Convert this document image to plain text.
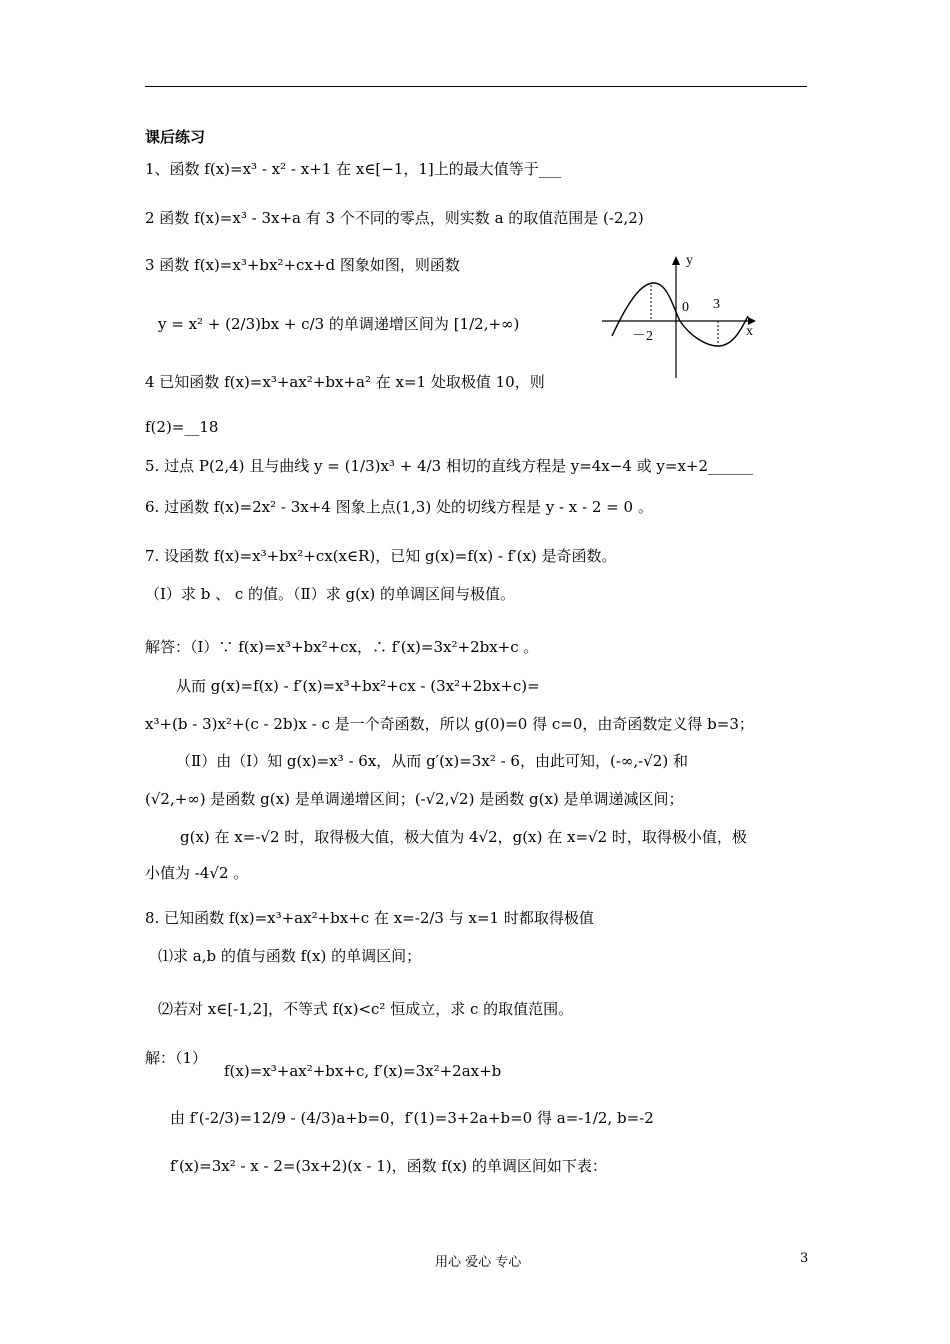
课后练习
1、函数 f(x)=x³ - x² - x+1 在 x∈[−1，1]上的最大值等于___
2 函数 f(x)=x³ - 3x+a 有 3 个不同的零点，则实数 a 的取值范围是 (-2,2)
3 函数 f(x)=x³+bx²+cx+d 图象如图，则函数
y = x² + (2/3)bx + c/3 的单调递增区间为 [1/2,+∞)
4 已知函数 f(x)=x³+ax²+bx+a² 在 x=1 处取极值 10，则
f(2)=__18
5. 过点 P(2,4) 且与曲线 y = (1/3)x³ + 4/3 相切的直线方程是 y=4x−4 或 y=x+2______
6. 过函数 f(x)=2x² - 3x+4 图象上点(1,3) 处的切线方程是 y - x - 2 = 0 。
7. 设函数 f(x)=x³+bx²+cx(x∈R)，已知 g(x)=f(x) - f′(x) 是奇函数。
（Ⅰ）求 b 、 c 的值。（Ⅱ）求 g(x) 的单调区间与极值。
解答：（Ⅰ）∵ f(x)=x³+bx²+cx，∴ f′(x)=3x²+2bx+c 。
从而 g(x)=f(x) - f′(x)=x³+bx²+cx - (3x²+2bx+c)=
x³+(b - 3)x²+(c - 2b)x - c 是一个奇函数，所以 g(0)=0 得 c=0，由奇函数定义得 b=3；
（Ⅱ）由（Ⅰ）知 g(x)=x³ - 6x，从而 g′(x)=3x² - 6，由此可知，(-∞,-√2) 和
(√2,+∞) 是函数 g(x) 是单调递增区间；(-√2,√2) 是函数 g(x) 是单调递减区间；
g(x) 在 x=-√2 时，取得极大值，极大值为 4√2，g(x) 在 x=√2 时，取得极小值，极
小值为 -4√2 。
8. 已知函数 f(x)=x³+ax²+bx+c 在 x=-2/3 与 x=1 时都取得极值
⑴求 a,b 的值与函数 f(x) 的单调区间；
⑵若对 x∈[-1,2]，不等式 f(x)<c² 恒成立，求 c 的取值范围。
解：（1）
f(x)=x³+ax²+bx+c, f′(x)=3x²+2ax+b
由 f′(-2/3)=12/9 - (4/3)a+b=0，f′(1)=3+2a+b=0 得 a=-1/2, b=-2
f′(x)=3x² - x - 2=(3x+2)(x - 1)，函数 f(x) 的单调区间如下表：
y
x
0 3
－2
用心 爱心 专心	3
